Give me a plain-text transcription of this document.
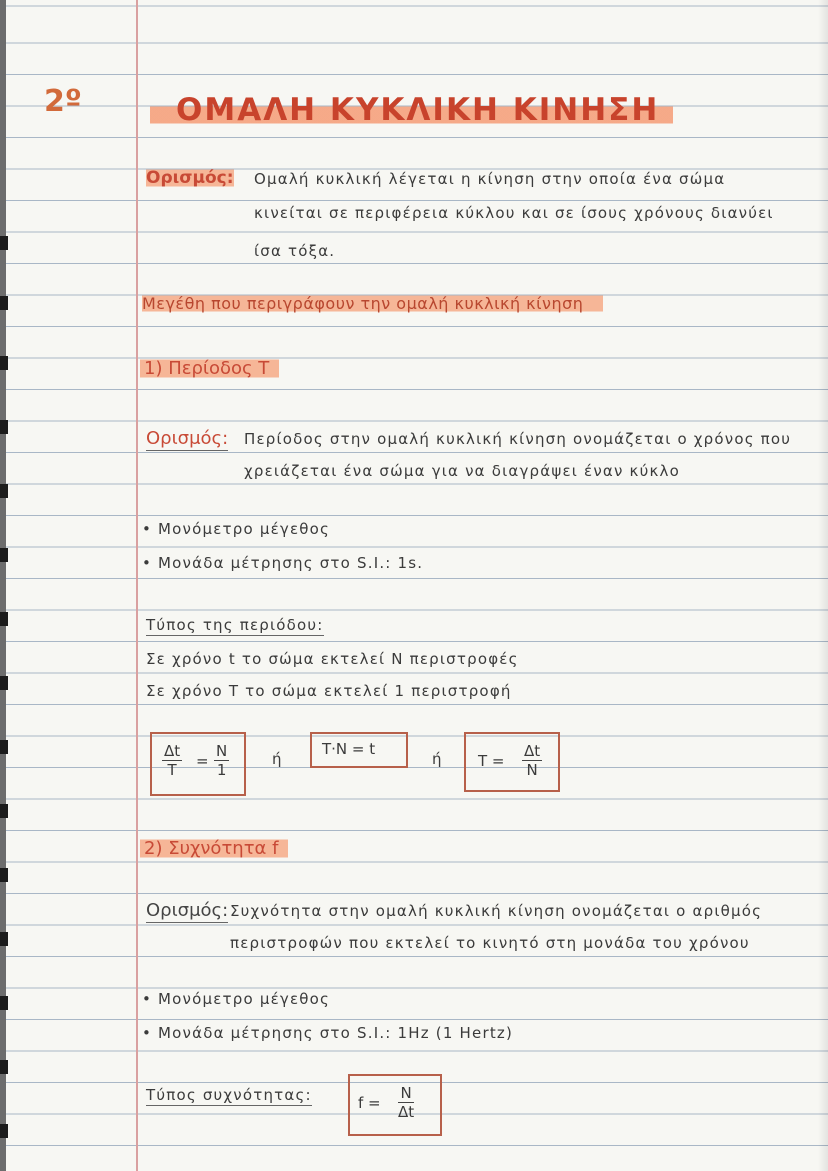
2º	ΟΜΑΛΗ ΚΥΚΛΙΚΗ ΚΙΝΗΣΗ
Ορισμός: Ομαλή κυκλική λέγεται η κίνηση στην οποία ένα σώμα
κινείται σε περιφέρεια κύκλου και σε ίσους χρόνους διανύει
ίσα τόξα.
Μεγέθη που περιγράφουν την ομαλή κυκλική κίνηση
1) Περίοδος T
Ορισμός: Περίοδος στην ομαλή κυκλική κίνηση ονομάζεται ο χρόνος που
χρειάζεται ένα σώμα για να διαγράψει έναν κύκλο
• Μονόμετρο μέγεθος
• Μονάδα μέτρησης στο S.I.: 1s.
Τύπος της περιόδου:
Σε χρόνο t το σώμα εκτελεί N περιστροφές
Σε χρόνο T το σώμα εκτελεί 1 περιστροφή
$\frac{\Delta t}{T} = \frac{N}{1}$	ή
T·N = t
ή $T = \frac{\Delta t}{N}$
2) Συχνότητα f
Ορισμός: Συχνότητα στην ομαλή κυκλική κίνηση ονομάζεται ο αριθμός
περιστροφών που εκτελεί το κινητό στη μονάδα του χρόνου
• Μονόμετρο μέγεθος
• Μονάδα μέτρησης στο S.I.: 1Hz (1 Hertz)
Τύπος συχνότητας:	$f = \frac{N}{\Delta t}$
